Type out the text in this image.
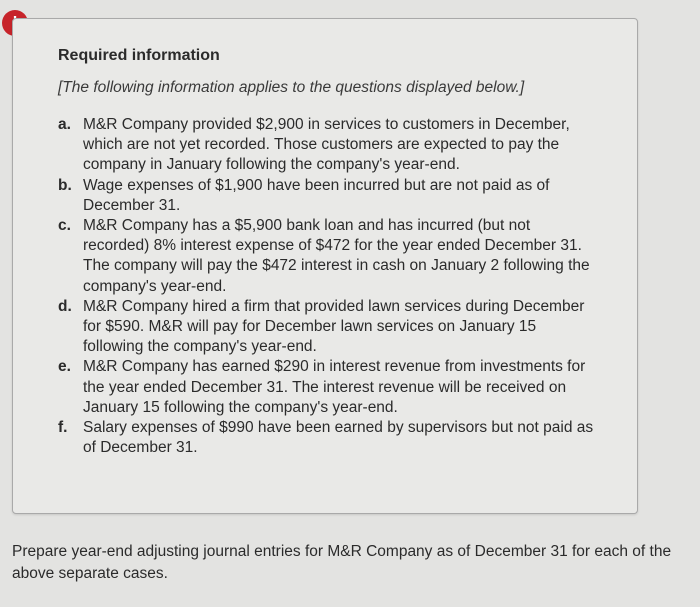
Required information

[The following information applies to the questions displayed below.]

a. M&R Company provided $2,900 in services to customers in December, which are not yet recorded. Those customers are expected to pay the company in January following the company's year-end.
b. Wage expenses of $1,900 have been incurred but are not paid as of December 31.
c. M&R Company has a $5,900 bank loan and has incurred (but not recorded) 8% interest expense of $472 for the year ended December 31. The company will pay the $472 interest in cash on January 2 following the company's year-end.
d. M&R Company hired a firm that provided lawn services during December for $590. M&R will pay for December lawn services on January 15 following the company's year-end.
e. M&R Company has earned $290 in interest revenue from investments for the year ended December 31. The interest revenue will be received on January 15 following the company's year-end.
f. Salary expenses of $990 have been earned by supervisors but not paid as of December 31.

Prepare year-end adjusting journal entries for M&R Company as of December 31 for each of the above separate cases.
